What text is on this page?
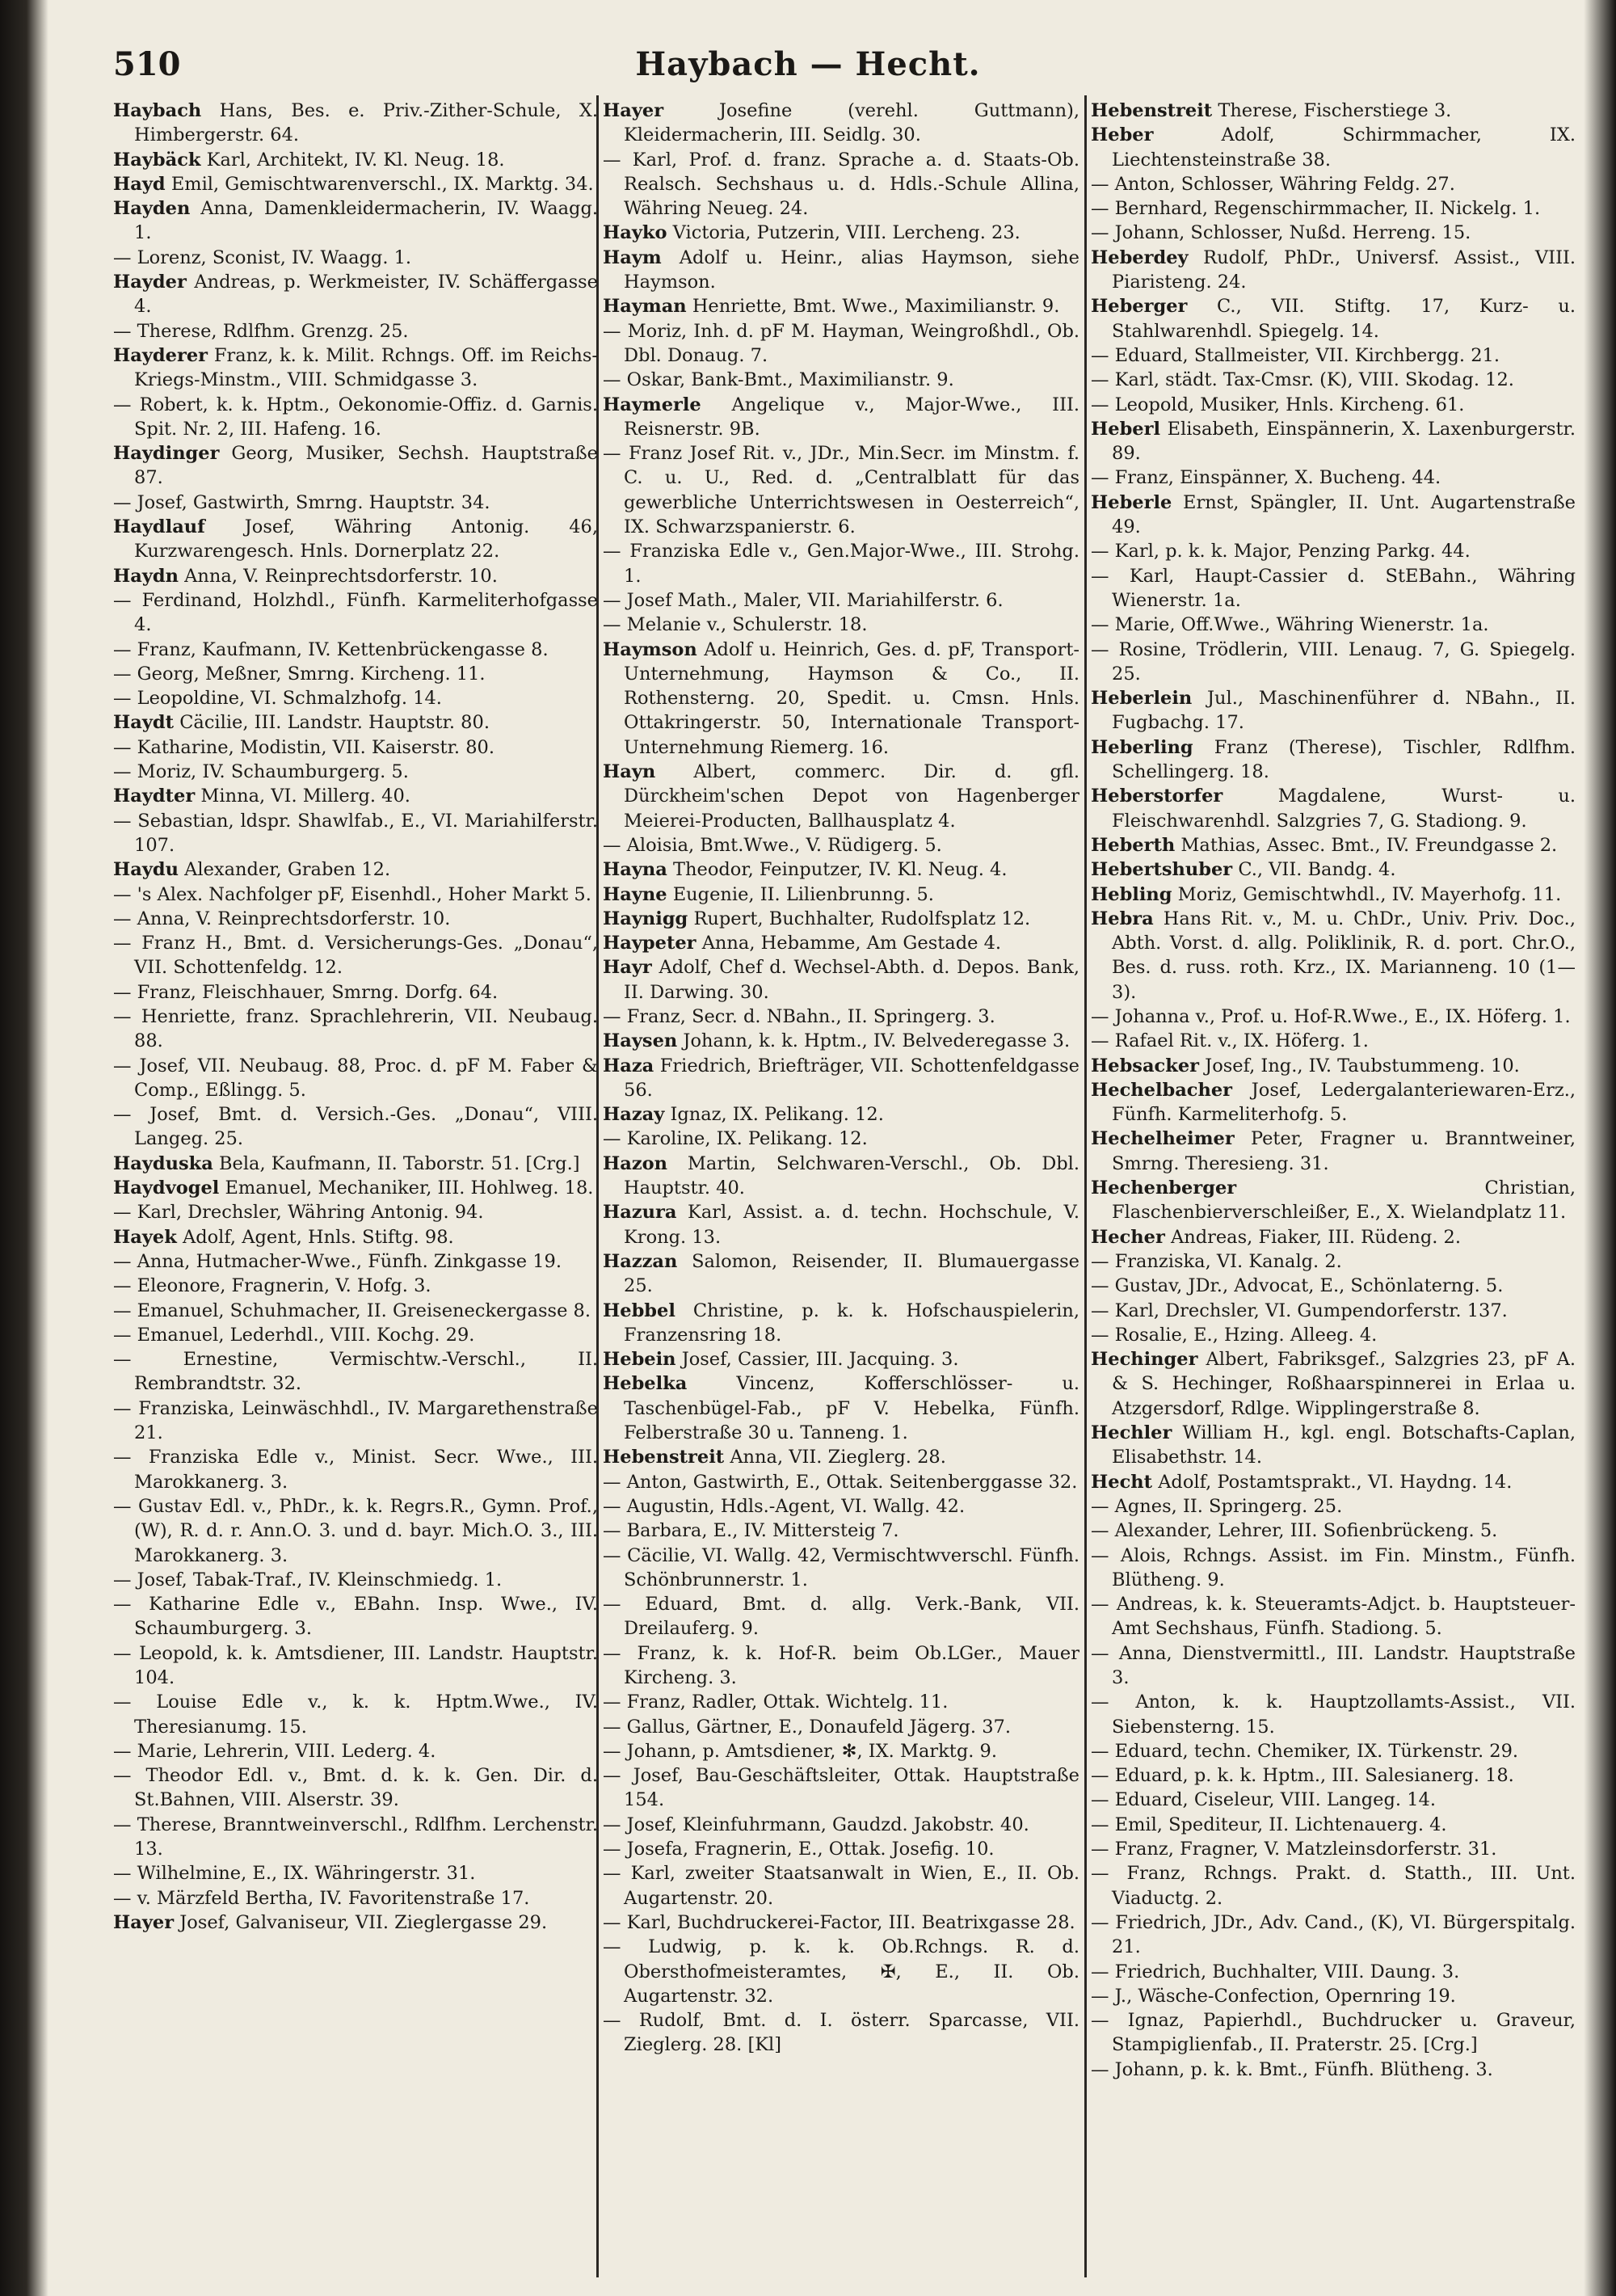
510	Haybach — Hecht.
Haybach Hans, Bes. e. Priv.-Zither-Schule, X. Himbergerstr. 64.
Haybäck Karl, Architekt, IV. Kl. Neug. 18.
Hayd Emil, Gemischtwarenverschl., IX. Marktg. 34.
Hayden Anna, Damenkleidermacherin, IV. Waagg. 1.
— Lorenz, Sconist, IV. Waagg. 1.
Hayder Andreas, p. Werkmeister, IV. Schäffergasse 4.
— Therese, Rdlfhm. Grenzg. 25.
Hayderer Franz, k. k. Milit. Rchngs. Off. im Reichs-Kriegs-Minstm., VIII. Schmidgasse 3.
— Robert, k. k. Hptm., Oekonomie-Offiz. d. Garnis. Spit. Nr. 2, III. Hafeng. 16.
Haydinger Georg, Musiker, Sechsh. Hauptstraße 87.
— Josef, Gastwirth, Smrng. Hauptstr. 34.
Haydlauf Josef, Währing Antonig. 46, Kurzwarengesch. Hnls. Dornerplatz 22.
Haydn Anna, V. Reinprechtsdorferstr. 10.
— Ferdinand, Holzhdl., Fünfh. Karmeliterhofgasse 4.
— Franz, Kaufmann, IV. Kettenbrückengasse 8.
— Georg, Meßner, Smrng. Kircheng. 11.
— Leopoldine, VI. Schmalzhofg. 14.
Haydt Cäcilie, III. Landstr. Hauptstr. 80.
— Katharine, Modistin, VII. Kaiserstr. 80.
— Moriz, IV. Schaumburgerg. 5.
Haydter Minna, VI. Millerg. 40.
— Sebastian, ldspr. Shawlfab., E., VI. Mariahilferstr. 107.
Haydu Alexander, Graben 12.
— 's Alex. Nachfolger pF, Eisenhdl., Hoher Markt 5.
— Anna, V. Reinprechtsdorferstr. 10.
— Franz H., Bmt. d. Versicherungs-Ges. „Donau“, VII. Schottenfeldg. 12.
— Franz, Fleischhauer, Smrng. Dorfg. 64.
— Henriette, franz. Sprachlehrerin, VII. Neubaug. 88.
— Josef, VII. Neubaug. 88, Proc. d. pF M. Faber & Comp., Eßlingg. 5.
— Josef, Bmt. d. Versich.-Ges. „Donau“, VIII. Langeg. 25.
Hayduska Bela, Kaufmann, II. Taborstr. 51. [Crg.]
Haydvogel Emanuel, Mechaniker, III. Hohlweg. 18.
— Karl, Drechsler, Währing Antonig. 94.
Hayek Adolf, Agent, Hnls. Stiftg. 98.
— Anna, Hutmacher-Wwe., Fünfh. Zinkgasse 19.
— Eleonore, Fragnerin, V. Hofg. 3.
— Emanuel, Schuhmacher, II. Greiseneckergasse 8.
— Emanuel, Lederhdl., VIII. Kochg. 29.
— Ernestine, Vermischtw.-Verschl., II. Rembrandtstr. 32.
— Franziska, Leinwäschhdl., IV. Margarethenstraße 21.
— Franziska Edle v., Minist. Secr. Wwe., III. Marokkanerg. 3.
— Gustav Edl. v., PhDr., k. k. Regrs.R., Gymn. Prof., (W), R. d. r. Ann.O. 3. und d. bayr. Mich.O. 3., III. Marokkanerg. 3.
— Josef, Tabak-Traf., IV. Kleinschmiedg. 1.
— Katharine Edle v., EBahn. Insp. Wwe., IV. Schaumburgerg. 3.
— Leopold, k. k. Amtsdiener, III. Landstr. Hauptstr. 104.
— Louise Edle v., k. k. Hptm.Wwe., IV. Theresianumg. 15.
— Marie, Lehrerin, VIII. Lederg. 4.
— Theodor Edl. v., Bmt. d. k. k. Gen. Dir. d. St.Bahnen, VIII. Alserstr. 39.
— Therese, Branntweinverschl., Rdlfhm. Lerchenstr. 13.
— Wilhelmine, E., IX. Währingerstr. 31.
— v. Märzfeld Bertha, IV. Favoritenstraße 17.
Hayer Josef, Galvaniseur, VII. Zieglergasse 29.
Hayer	Josefine (verehl. Guttmann), Kleidermacherin, III. Seidlg. 30.
— Karl, Prof. d. franz. Sprache a. d. Staats-Ob. Realsch. Sechshaus u. d. Hdls.-Schule Allina, Währing Neueg. 24.
Hayko Victoria, Putzerin, VIII. Lercheng. 23.
Haym Adolf u. Heinr., alias Haymson, siehe Haymson.
Hayman Henriette, Bmt. Wwe., Maximilianstr. 9.
— Moriz, Inh. d. pF M. Hayman, Weingroßhdl., Ob. Dbl. Donaug. 7.
— Oskar, Bank-Bmt., Maximilianstr. 9.
Haymerle Angelique v., Major-Wwe., III. Reisnerstr. 9B.
— Franz Josef Rit. v., JDr., Min.Secr. im Minstm. f. C. u. U., Red. d. „Centralblatt für das gewerbliche Unterrichtswesen in Oesterreich“, IX. Schwarzspanierstr. 6.
— Franziska Edle v., Gen.Major-Wwe., III. Strohg. 1.
— Josef Math., Maler, VII. Mariahilferstr. 6.
— Melanie v., Schulerstr. 18.
Haymson Adolf u. Heinrich, Ges. d. pF, Transport-Unternehmung, Haymson & Co., II. Rothensterng. 20, Spedit. u. Cmsn. Hnls. Ottakringerstr. 50, Internationale Transport-Unternehmung Riemerg. 16.
Hayn Albert, commerc. Dir. d. gfl. Dürckheim'schen Depot von Hagenberger Meierei-Producten, Ballhausplatz 4.
— Aloisia, Bmt.Wwe., V. Rüdigerg. 5.
Hayna Theodor, Feinputzer, IV. Kl. Neug. 4.
Hayne Eugenie, II. Lilienbrunng. 5.
Haynigg Rupert, Buchhalter, Rudolfsplatz 12.
Haypeter Anna, Hebamme, Am Gestade 4.
Hayr Adolf, Chef d. Wechsel-Abth. d. Depos. Bank, II. Darwing. 30.
— Franz, Secr. d. NBahn., II. Springerg. 3.
Haysen Johann, k. k. Hptm., IV. Belvederegasse 3.
Haza Friedrich, Briefträger, VII. Schottenfeldgasse 56.
Hazay Ignaz, IX. Pelikang. 12.
— Karoline, IX. Pelikang. 12.
Hazon Martin, Selchwaren-Verschl., Ob. Dbl. Hauptstr. 40.
Hazura Karl, Assist. a. d. techn. Hochschule, V. Krong. 13.
Hazzan Salomon, Reisender, II. Blumauergasse 25.
Hebbel Christine, p. k. k. Hofschauspielerin, Franzensring 18.
Hebein Josef, Cassier, III. Jacquing. 3.
Hebelka	Vincenz, Kofferschlösser- u. Taschenbügel-Fab., pF V. Hebelka, Fünfh. Felberstraße 30 u. Tanneng. 1.
Hebenstreit Anna, VII. Zieglerg. 28.
— Anton, Gastwirth, E., Ottak. Seitenberggasse 32.
— Augustin, Hdls.-Agent, VI. Wallg. 42.
— Barbara, E., IV. Mittersteig 7.
— Cäcilie, VI. Wallg. 42, Vermischtwverschl. Fünfh. Schönbrunnerstr. 1.
— Eduard, Bmt. d. allg. Verk.-Bank, VII. Dreilauferg. 9.
— Franz, k. k. Hof-R. beim Ob.LGer., Mauer Kircheng. 3.
— Franz, Radler, Ottak. Wichtelg. 11.
— Gallus, Gärtner, E., Donaufeld Jägerg. 37.
— Johann, p. Amtsdiener, ✻, IX. Marktg. 9.
— Josef, Bau-Geschäftsleiter, Ottak. Hauptstraße 154.
— Josef, Kleinfuhrmann, Gaudzd. Jakobstr. 40.
— Josefa, Fragnerin, E., Ottak. Josefig. 10.
— Karl, zweiter Staatsanwalt in Wien, E., II. Ob. Augartenstr. 20.
— Karl, Buchdruckerei-Factor, III. Beatrixgasse 28.
— Ludwig, p. k. k. Ob.Rchngs. R. d. Obersthofmeisteramtes, ✠, E., II. Ob. Augartenstr. 32.
— Rudolf, Bmt. d. I. österr. Sparcasse, VII. Zieglerg. 28. [Kl]
Hebenstreit Therese, Fischerstiege 3.
Heber	Adolf, Schirmmacher, IX. Liechtensteinstraße 38.
— Anton, Schlosser, Währing Feldg. 27.
— Bernhard, Regenschirmmacher, II. Nickelg. 1.
— Johann, Schlosser, Nußd. Herreng. 15.
Heberdey Rudolf, PhDr., Universf. Assist., VIII. Piaristeng. 24.
Heberger C., VII. Stiftg. 17, Kurz- u. Stahlwarenhdl. Spiegelg. 14.
— Eduard, Stallmeister, VII. Kirchbergg. 21.
— Karl, städt. Tax-Cmsr. (K), VIII. Skodag. 12.
— Leopold, Musiker, Hnls. Kircheng. 61.
Heberl Elisabeth, Einspännerin, X. Laxenburgerstr. 89.
— Franz, Einspänner, X. Bucheng. 44.
Heberle Ernst, Spängler, II. Unt. Augartenstraße 49.
— Karl, p. k. k. Major, Penzing Parkg. 44.
— Karl, Haupt-Cassier d. StEBahn., Währing Wienerstr. 1a.
— Marie, Off.Wwe., Währing Wienerstr. 1a.
— Rosine, Trödlerin, VIII. Lenaug. 7, G. Spiegelg. 25.
Heberlein Jul., Maschinenführer d. NBahn., II. Fugbachg. 17.
Heberling Franz (Therese), Tischler, Rdlfhm. Schellingerg. 18.
Heberstorfer	Magdalene, Wurst- u. Fleischwarenhdl. Salzgries 7, G. Stadiong. 9.
Heberth Mathias, Assec. Bmt., IV. Freundgasse 2.
Hebertshuber C., VII. Bandg. 4.
Hebling Moriz, Gemischtwhdl., IV. Mayerhofg. 11.
Hebra Hans Rit. v., M. u. ChDr., Univ. Priv. Doc., Abth. Vorst. d. allg. Poliklinik, R. d. port. Chr.O., Bes. d. russ. roth. Krz., IX. Marianneng. 10 (1—3).
— Johanna v., Prof. u. Hof-R.Wwe., E., IX. Höferg. 1.
— Rafael Rit. v., IX. Höferg. 1.
Hebsacker Josef, Ing., IV. Taubstummeng. 10.
Hechelbacher Josef, Ledergalanteriewaren-Erz., Fünfh. Karmeliterhofg. 5.
Hechelheimer Peter, Fragner u. Branntweiner, Smrng. Theresieng. 31.
Hechenberger	Christian, Flaschenbierverschleißer, E., X. Wielandplatz 11.
Hecher Andreas, Fiaker, III. Rüdeng. 2.
— Franziska, VI. Kanalg. 2.
— Gustav, JDr., Advocat, E., Schönlaterng. 5.
— Karl, Drechsler, VI. Gumpendorferstr. 137.
— Rosalie, E., Hzing. Alleeg. 4.
Hechinger Albert, Fabriksgef., Salzgries 23, pF A. & S. Hechinger, Roßhaarspinnerei in Erlaa u. Atzgersdorf, Rdlge. Wipplingerstraße 8.
Hechler William H., kgl. engl. Botschafts-Caplan, Elisabethstr. 14.
Hecht Adolf, Postamtsprakt., VI. Haydng. 14.
— Agnes, II. Springerg. 25.
— Alexander, Lehrer, III. Sofienbrückeng. 5.
— Alois, Rchngs. Assist. im Fin. Minstm., Fünfh. Blütheng. 9.
— Andreas, k. k. Steueramts-Adjct. b. Hauptsteuer-Amt Sechshaus, Fünfh. Stadiong. 5.
— Anna, Dienstvermittl., III. Landstr. Hauptstraße 3.
— Anton, k. k. Hauptzollamts-Assist., VII. Siebensterng. 15.
— Eduard, techn. Chemiker, IX. Türkenstr. 29.
— Eduard, p. k. k. Hptm., III. Salesianerg. 18.
— Eduard, Ciseleur, VIII. Langeg. 14.
— Emil, Spediteur, II. Lichtenauerg. 4.
— Franz, Fragner, V. Matzleinsdorferstr. 31.
— Franz, Rchngs. Prakt. d. Statth., III. Unt. Viaductg. 2.
— Friedrich, JDr., Adv. Cand., (K), VI. Bürgerspitalg. 21.
— Friedrich, Buchhalter, VIII. Daung. 3.
— J., Wäsche-Confection, Opernring 19.
— Ignaz, Papierhdl., Buchdrucker u. Graveur, Stampiglienfab., II. Praterstr. 25. [Crg.]
— Johann, p. k. k. Bmt., Fünfh. Blütheng. 3.
